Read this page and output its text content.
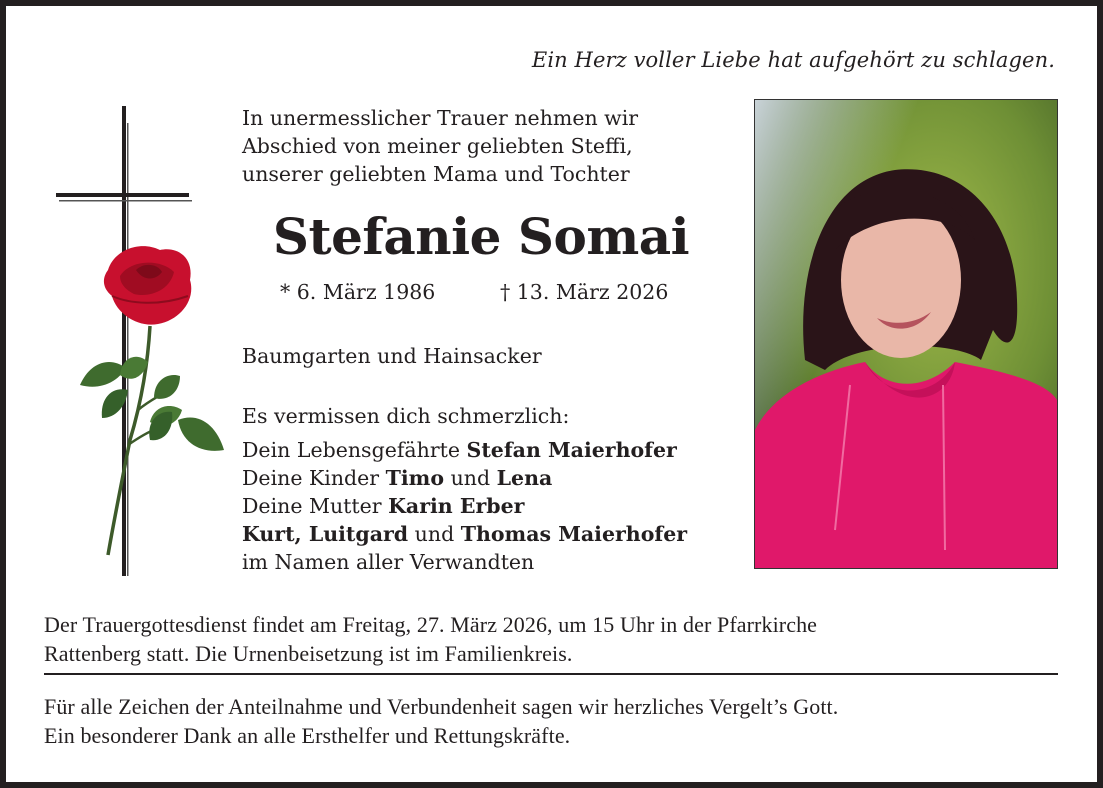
Ein Herz voller Liebe hat aufgehört zu schlagen.
In unermesslicher Trauer nehmen wir
Abschied von meiner geliebten Steffi,
unserer geliebten Mama und Tochter
Stefanie Somai
* 6. März 1986	† 13. März 2026
Baumgarten und Hainsacker
Es vermissen dich schmerzlich:
Dein Lebensgefährte Stefan Maierhofer
Deine Kinder Timo und Lena
Deine Mutter Karin Erber
Kurt, Luitgard und Thomas Maierhofer
im Namen aller Verwandten
Der Trauergottesdienst findet am Freitag, 27. März 2026, um 15 Uhr in der Pfarrkirche
Rattenberg statt. Die Urnenbeisetzung ist im Familienkreis.
Für alle Zeichen der Anteilnahme und Verbundenheit sagen wir herzliches Vergelt’s Gott.
Ein besonderer Dank an alle Ersthelfer und Rettungskräfte.
